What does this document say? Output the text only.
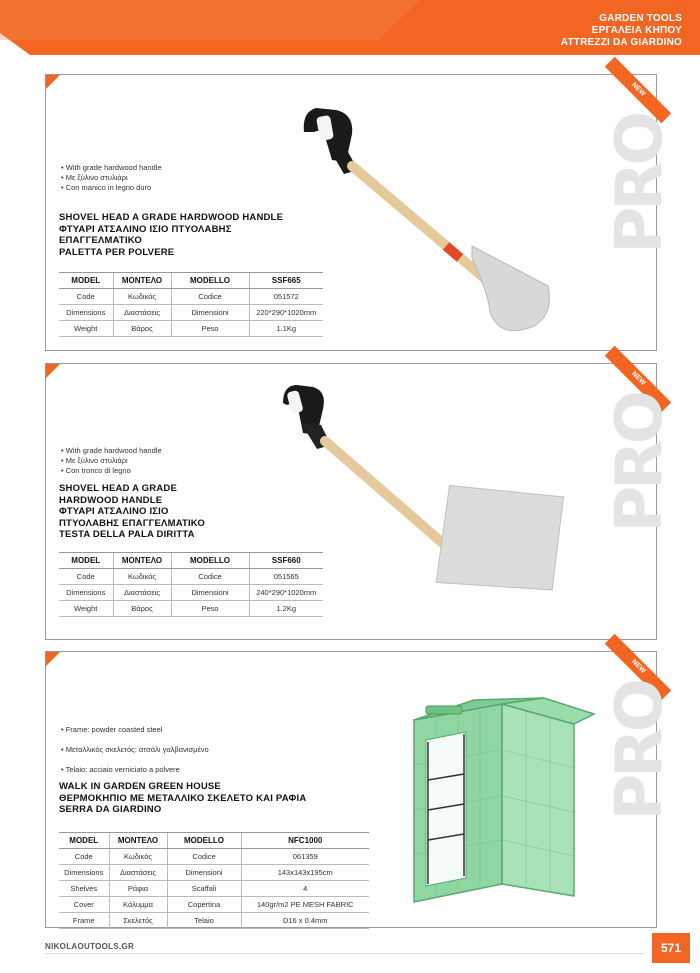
GARDEN TOOLS
ΕΡΓΑΛΕΙΑ ΚΗΠΟΥ
ATTREZZI DA GIARDINO
NEW
PRO
• With grade hardwood handle
• Με ξύλινο στυλιάρι
• Con manico in legno duro
SHOVEL HEAD A GRADE HARDWOOD HANDLE
ΦΤΥΑΡΙ ΑΤΣΑΛΙΝΟ ΙΣΙΟ ΠΤΥΟΛΑΒΗΣ
ΕΠΑΓΓΕΛΜΑΤΙΚΟ
PALETTA PER POLVERE
MODEL	ΜΟΝΤΕΛΟ	MODELLO	SSF665
Code	Κωδικός	Codice	051572
Dimensions	Διαστάσεις	Dimensioni	220*290*1020mm
Weight	Βάρος	Peso	1.1Kg
NEW
PRO
• With grade hardwood handle
• Με ξύλινο στυλιάρι
• Con tronco di legno
SHOVEL HEAD A GRADE
HARDWOOD HANDLE
ΦΤΥΑΡΙ ΑΤΣΑΛΙΝΟ ΙΣΙΟ
ΠΤΥΟΛΑΒΗΣ ΕΠΑΓΓΕΛΜΑΤΙΚΟ
TESTA DELLA PALA DIRITTA
MODEL	ΜΟΝΤΕΛΟ	MODELLO	SSF660
Code	Κωδικός	Codice	051565
Dimensions	Διαστάσεις	Dimensioni	240*290*1020mm
Weight	Βάρος	Peso	1.2Kg
NEW
PRO
• Frame: powder coasted steel
• Μεταλλικός σκελετός: ατσάλι γαλβανισμένο
• Telaio: acciaio verniciato a polvere
WALK IN GARDEN GREEN HOUSE
ΘΕΡΜΟΚΗΠΙΟ ΜΕ ΜΕΤΑΛΛΙΚΟ ΣΚΕΛΕΤΟ ΚΑΙ ΡΑΦΙΑ
SERRA DA GIARDINO
MODEL	ΜΟΝΤΕΛΟ	MODELLO	NFC1000
Code	Κωδικός	Codice	061359
Dimensions	Διαστάσεις	Dimensioni	143x143x195cm
Shelves	Ράφια	Scaffali	4
Cover	Κάλυμμα	Copertina	140gr/m2 PE MESH FABRIC
Frame	Σκελετός	Telaio	D16 x 0.4mm
NIKOLAOUTOOLS.GR	571
